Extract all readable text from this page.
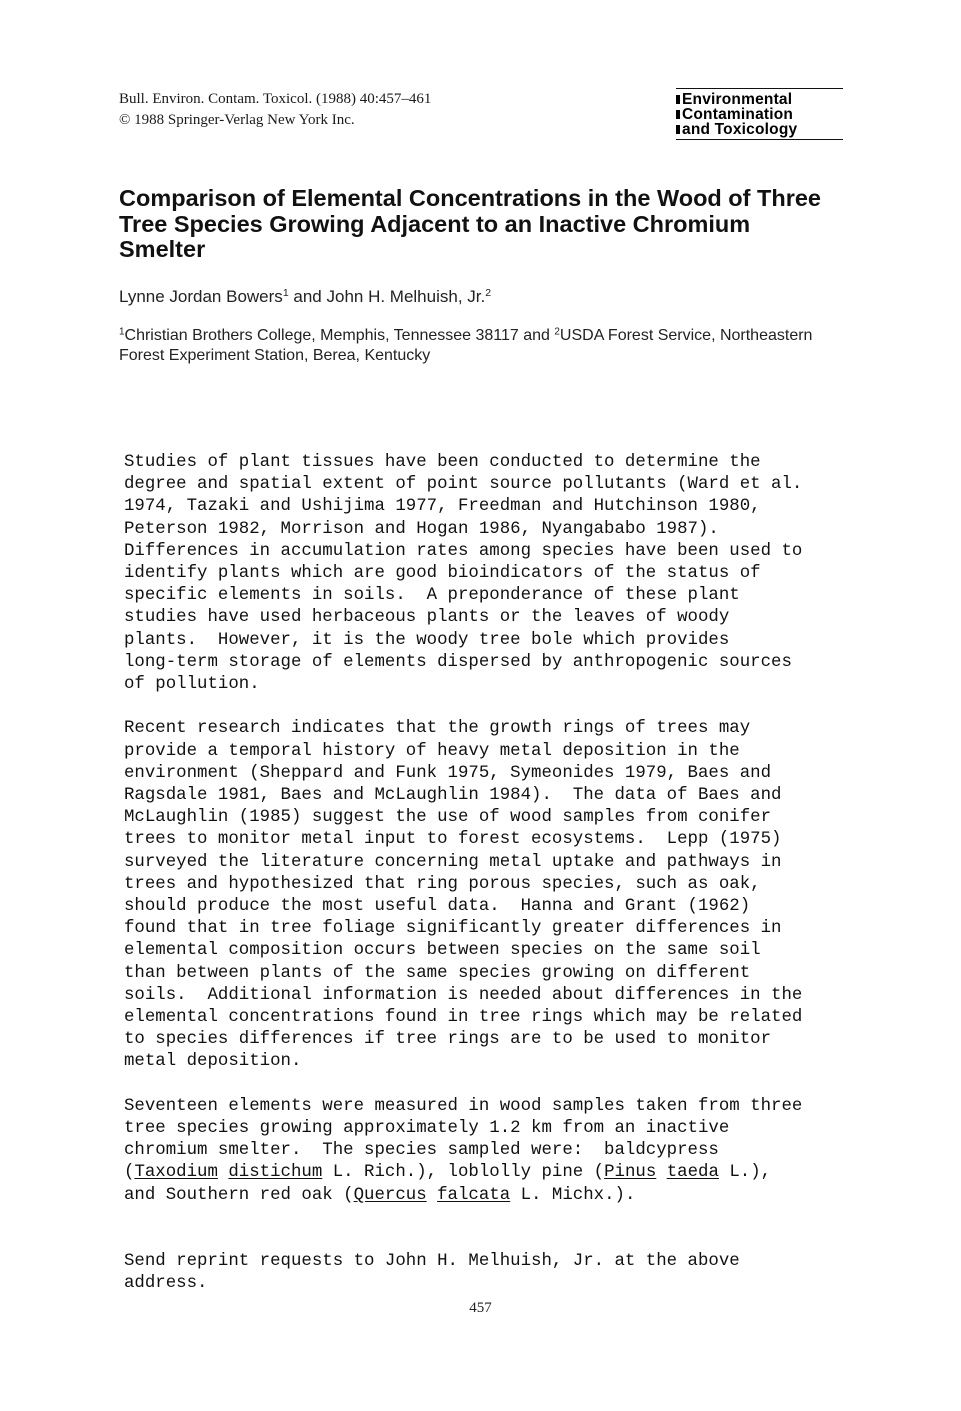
Bull. Environ. Contam. Toxicol. (1988) 40:457–461
© 1988 Springer-Verlag New York Inc.
Environmental
Contamination
and Toxicology
Comparison of Elemental Concentrations in the Wood of Three Tree Species Growing Adjacent to an Inactive Chromium Smelter
Lynne Jordan Bowers$^1$ and John H. Melhuish, Jr.$^2$
$^1$Christian Brothers College, Memphis, Tennessee 38117 and $^2$USDA Forest Service, Northeastern Forest Experiment Station, Berea, Kentucky
Studies of plant tissues have been conducted to determine the
degree and spatial extent of point source pollutants (Ward et al.
1974, Tazaki and Ushijima 1977, Freedman and Hutchinson 1980,
Peterson 1982, Morrison and Hogan 1986, Nyangababo 1987).
Differences in accumulation rates among species have been used to
identify plants which are good bioindicators of the status of
specific elements in soils.  A preponderance of these plant
studies have used herbaceous plants or the leaves of woody
plants.  However, it is the woody tree bole which provides
long-term storage of elements dispersed by anthropogenic sources
of pollution.
Recent research indicates that the growth rings of trees may
provide a temporal history of heavy metal deposition in the
environment (Sheppard and Funk 1975, Symeonides 1979, Baes and
Ragsdale 1981, Baes and McLaughlin 1984).  The data of Baes and
McLaughlin (1985) suggest the use of wood samples from conifer
trees to monitor metal input to forest ecosystems.  Lepp (1975)
surveyed the literature concerning metal uptake and pathways in
trees and hypothesized that ring porous species, such as oak,
should produce the most useful data.  Hanna and Grant (1962)
found that in tree foliage significantly greater differences in
elemental composition occurs between species on the same soil
than between plants of the same species growing on different
soils.  Additional information is needed about differences in the
elemental concentrations found in tree rings which may be related
to species differences if tree rings are to be used to monitor
metal deposition.
Seventeen elements were measured in wood samples taken from three
tree species growing approximately 1.2 km from an inactive
chromium smelter.  The species sampled were:  baldcypress
(Taxodium distichum L. Rich.), loblolly pine (Pinus taeda L.),
and Southern red oak (Quercus falcata L. Michx.).
Send reprint requests to John H. Melhuish, Jr. at the above
address.
457
